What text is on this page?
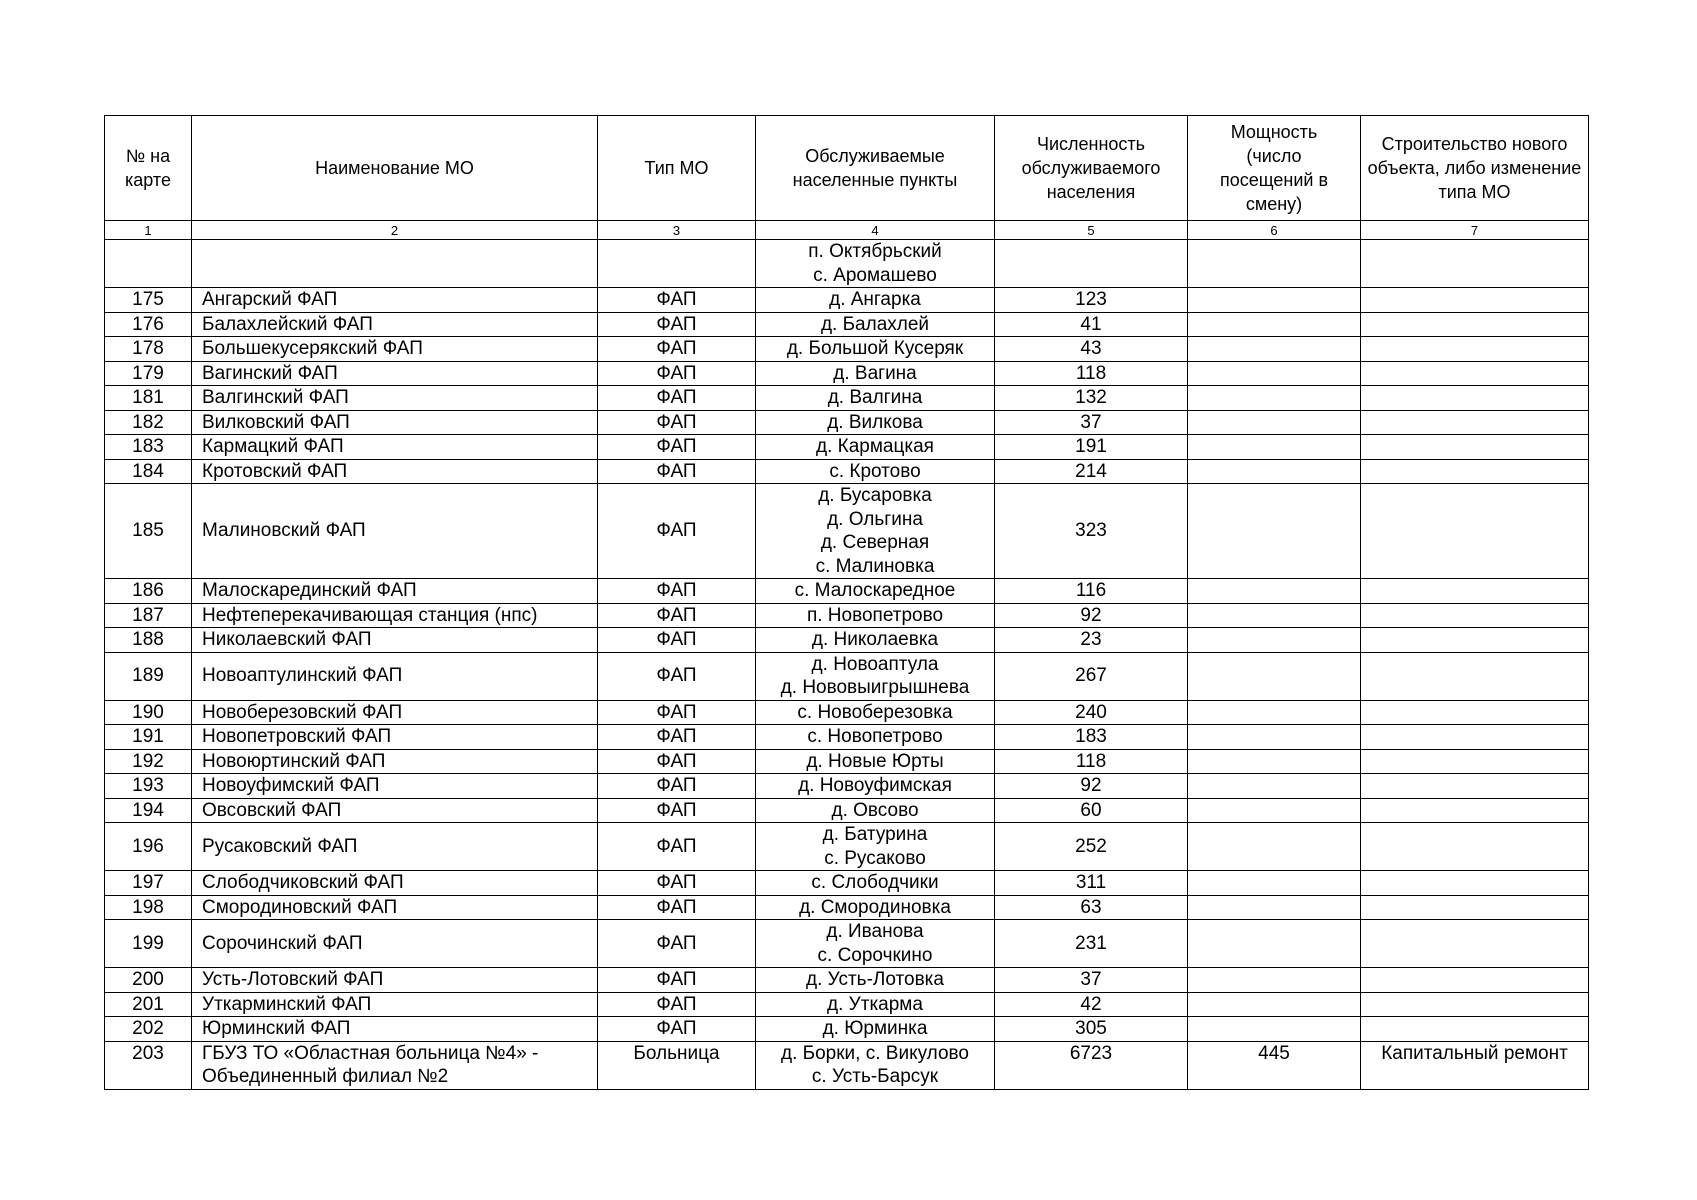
№ на карте	Наименование МО	Тип МО	Обслуживаемые населенные пункты	Численность обслуживаемого населения	Мощность (число посещений в смену)	Строительство нового объекта, либо изменение типа МО
1	2	3	4	5	6	7

			п. Октябрьский
с. Аромашево			

175	Ангарский ФАП	ФАП	д. Ангарка	123		
176	Балахлейский ФАП	ФАП	д. Балахлей	41		
178	Большекусерякский ФАП	ФАП	д. Большой Кусеряк	43		
179	Вагинский ФАП	ФАП	д. Вагина	118		
181	Валгинский ФАП	ФАП	д. Валгина	132		
182	Вилковский ФАП	ФАП	д. Вилкова	37		
183	Кармацкий ФАП	ФАП	д. Кармацкая	191		
184	Кротовский ФАП	ФАП	с. Кротово	214		
185	Малиновский ФАП	ФАП	д. Бусаровка
д. Ольгина
д. Северная
с. Малиновка	323		
186	Малоскарединский ФАП	ФАП	с. Малоскаредное	116		
187	Нефтеперекачивающая станция (нпс)	ФАП	п. Новопетрово	92		
188	Николаевский ФАП	ФАП	д. Николаевка	23		
189	Новоаптулинский ФАП	ФАП	д. Новоаптула
д. Нововыигрышнева	267		
190	Новоберезовский ФАП	ФАП	с. Новоберезовка	240		
191	Новопетровский ФАП	ФАП	с. Новопетрово	183		
192	Новоюртинский ФАП	ФАП	д. Новые Юрты	118		
193	Новоуфимский ФАП	ФАП	д. Новоуфимская	92		
194	Овсовский ФАП	ФАП	д. Овсово	60		
196	Русаковский ФАП	ФАП	д. Батурина
с. Русаково	252		
197	Слободчиковский ФАП	ФАП	с. Слободчики	311		
198	Смородиновский ФАП	ФАП	д. Смородиновка	63		
199	Сорочинский ФАП	ФАП	д. Иванова
с. Сорочкино	231		
200	Усть-Лотовский ФАП	ФАП	д. Усть-Лотовка	37		
201	Уткарминский ФАП	ФАП	д. Уткарма	42		
202	Юрминский ФАП	ФАП	д. Юрминка	305		
203	ГБУЗ ТО «Областная больница №4» -
Объединенный филиал №2	Больница	д. Борки, с. Викулово
с. Усть-Барсук	6723	445	Капитальный ремонт
